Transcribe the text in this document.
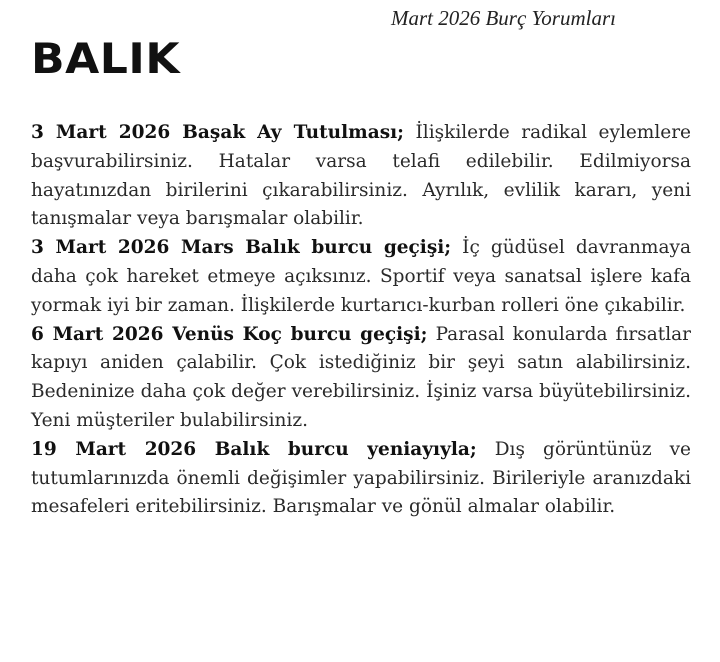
Mart 2026 Burç Yorumları
BALIK

3 Mart 2026 Başak Ay Tutulması; İlişkilerde radikal eylemlere başvurabilirsiniz. Hatalar varsa telafi edilebilir. Edilmiyorsa hayatınızdan birilerini çıkarabilirsiniz. Ayrılık, evlilik kararı, yeni tanışmalar veya barışmalar olabilir.

3 Mart 2026 Mars Balık burcu geçişi; İç güdüsel davranmaya daha çok hareket etmeye açıksınız. Sportif veya sanatsal işlere kafa yormak iyi bir zaman. İlişkilerde kurtarıcı-kurban rolleri öne çıkabilir.

6 Mart 2026 Venüs Koç burcu geçişi; Parasal konularda fırsatlar kapıyı aniden çalabilir. Çok istediğiniz bir şeyi satın alabilirsiniz. Bedeninize daha çok değer verebilirsiniz. İşiniz varsa büyütebilirsiniz. Yeni müşteriler bulabilirsiniz.

19 Mart 2026 Balık burcu yeniayıyla; Dış görüntünüz ve tutumlarınızda önemli değişimler yapabilirsiniz. Birileriyle aranızdaki mesafeleri eritebilirsiniz. Barışmalar ve gönül almalar olabilir.
